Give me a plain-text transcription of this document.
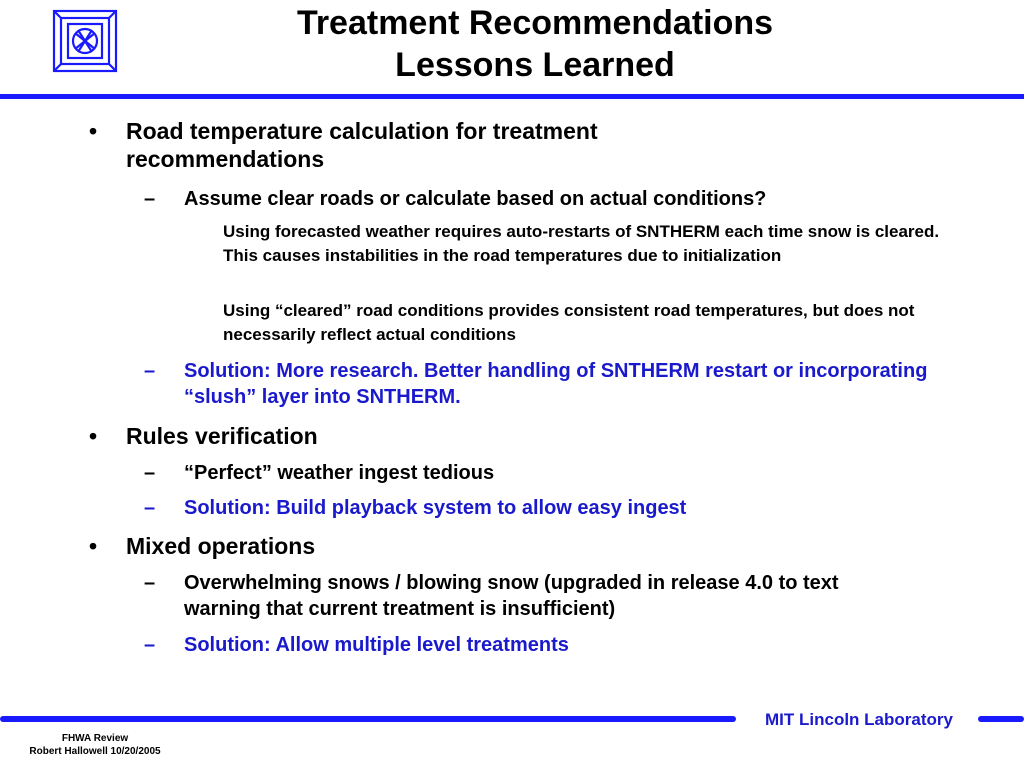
Treatment Recommendations
Lessons Learned
• Road temperature calculation for treatment recommendations
– Assume clear roads or calculate based on actual conditions?
Using forecasted weather requires auto-restarts of SNTHERM each time snow is cleared. This causes instabilities in the road temperatures due to initialization
Using “cleared” road conditions provides consistent road temperatures, but does not necessarily reflect actual conditions
– Solution: More research. Better handling of SNTHERM restart or incorporating “slush” layer into SNTHERM.
• Rules verification
– “Perfect” weather ingest tedious
– Solution: Build playback system to allow easy ingest
• Mixed operations
– Overwhelming snows / blowing snow (upgraded in release 4.0 to text warning that current treatment is insufficient)
– Solution: Allow multiple level treatments
MIT Lincoln Laboratory
FHWA Review
Robert Hallowell 10/20/2005
